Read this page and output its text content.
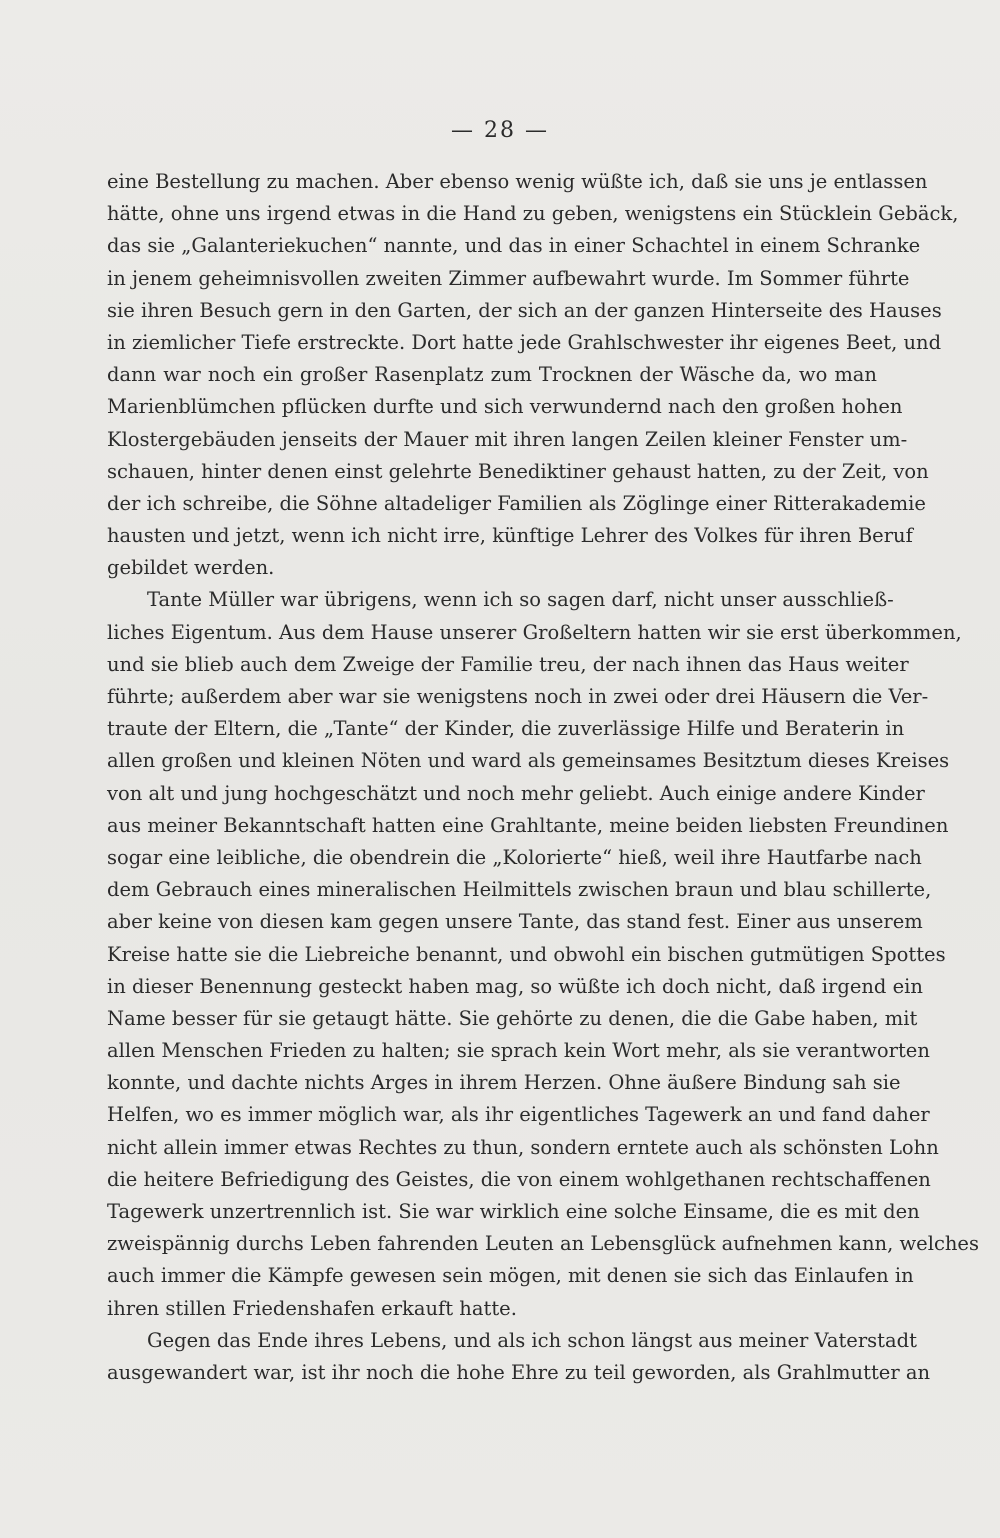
— 28 —
eine Bestellung zu machen. Aber ebenso wenig wüßte ich, daß sie uns je entlassen
hätte, ohne uns irgend etwas in die Hand zu geben, wenigstens ein Stücklein Gebäck,
das sie „Galanteriekuchen“ nannte, und das in einer Schachtel in einem Schranke
in jenem geheimnisvollen zweiten Zimmer aufbewahrt wurde. Im Sommer führte
sie ihren Besuch gern in den Garten, der sich an der ganzen Hinterseite des Hauses
in ziemlicher Tiefe erstreckte. Dort hatte jede Grahlschwester ihr eigenes Beet, und
dann war noch ein großer Rasenplatz zum Trocknen der Wäsche da, wo man
Marienblümchen pflücken durfte und sich verwundernd nach den großen hohen
Klostergebäuden jenseits der Mauer mit ihren langen Zeilen kleiner Fenster um-
schauen, hinter denen einst gelehrte Benediktiner gehaust hatten, zu der Zeit, von
der ich schreibe, die Söhne altadeliger Familien als Zöglinge einer Ritterakademie
hausten und jetzt, wenn ich nicht irre, künftige Lehrer des Volkes für ihren Beruf
gebildet werden.
Tante Müller war übrigens, wenn ich so sagen darf, nicht unser ausschließ-
liches Eigentum. Aus dem Hause unserer Großeltern hatten wir sie erst überkommen,
und sie blieb auch dem Zweige der Familie treu, der nach ihnen das Haus weiter
führte; außerdem aber war sie wenigstens noch in zwei oder drei Häusern die Ver-
traute der Eltern, die „Tante“ der Kinder, die zuverlässige Hilfe und Beraterin in
allen großen und kleinen Nöten und ward als gemeinsames Besitztum dieses Kreises
von alt und jung hochgeschätzt und noch mehr geliebt. Auch einige andere Kinder
aus meiner Bekanntschaft hatten eine Grahltante, meine beiden liebsten Freundinen
sogar eine leibliche, die obendrein die „Kolorierte“ hieß, weil ihre Hautfarbe nach
dem Gebrauch eines mineralischen Heilmittels zwischen braun und blau schillerte,
aber keine von diesen kam gegen unsere Tante, das stand fest. Einer aus unserem
Kreise hatte sie die Liebreiche benannt, und obwohl ein bischen gutmütigen Spottes
in dieser Benennung gesteckt haben mag, so wüßte ich doch nicht, daß irgend ein
Name besser für sie getaugt hätte. Sie gehörte zu denen, die die Gabe haben, mit
allen Menschen Frieden zu halten; sie sprach kein Wort mehr, als sie verantworten
konnte, und dachte nichts Arges in ihrem Herzen. Ohne äußere Bindung sah sie
Helfen, wo es immer möglich war, als ihr eigentliches Tagewerk an und fand daher
nicht allein immer etwas Rechtes zu thun, sondern erntete auch als schönsten Lohn
die heitere Befriedigung des Geistes, die von einem wohlgethanen rechtschaffenen
Tagewerk unzertrennlich ist. Sie war wirklich eine solche Einsame, die es mit den
zweispännig durchs Leben fahrenden Leuten an Lebensglück aufnehmen kann, welches
auch immer die Kämpfe gewesen sein mögen, mit denen sie sich das Einlaufen in
ihren stillen Friedenshafen erkauft hatte.
Gegen das Ende ihres Lebens, und als ich schon längst aus meiner Vaterstadt
ausgewandert war, ist ihr noch die hohe Ehre zu teil geworden, als Grahlmutter an
